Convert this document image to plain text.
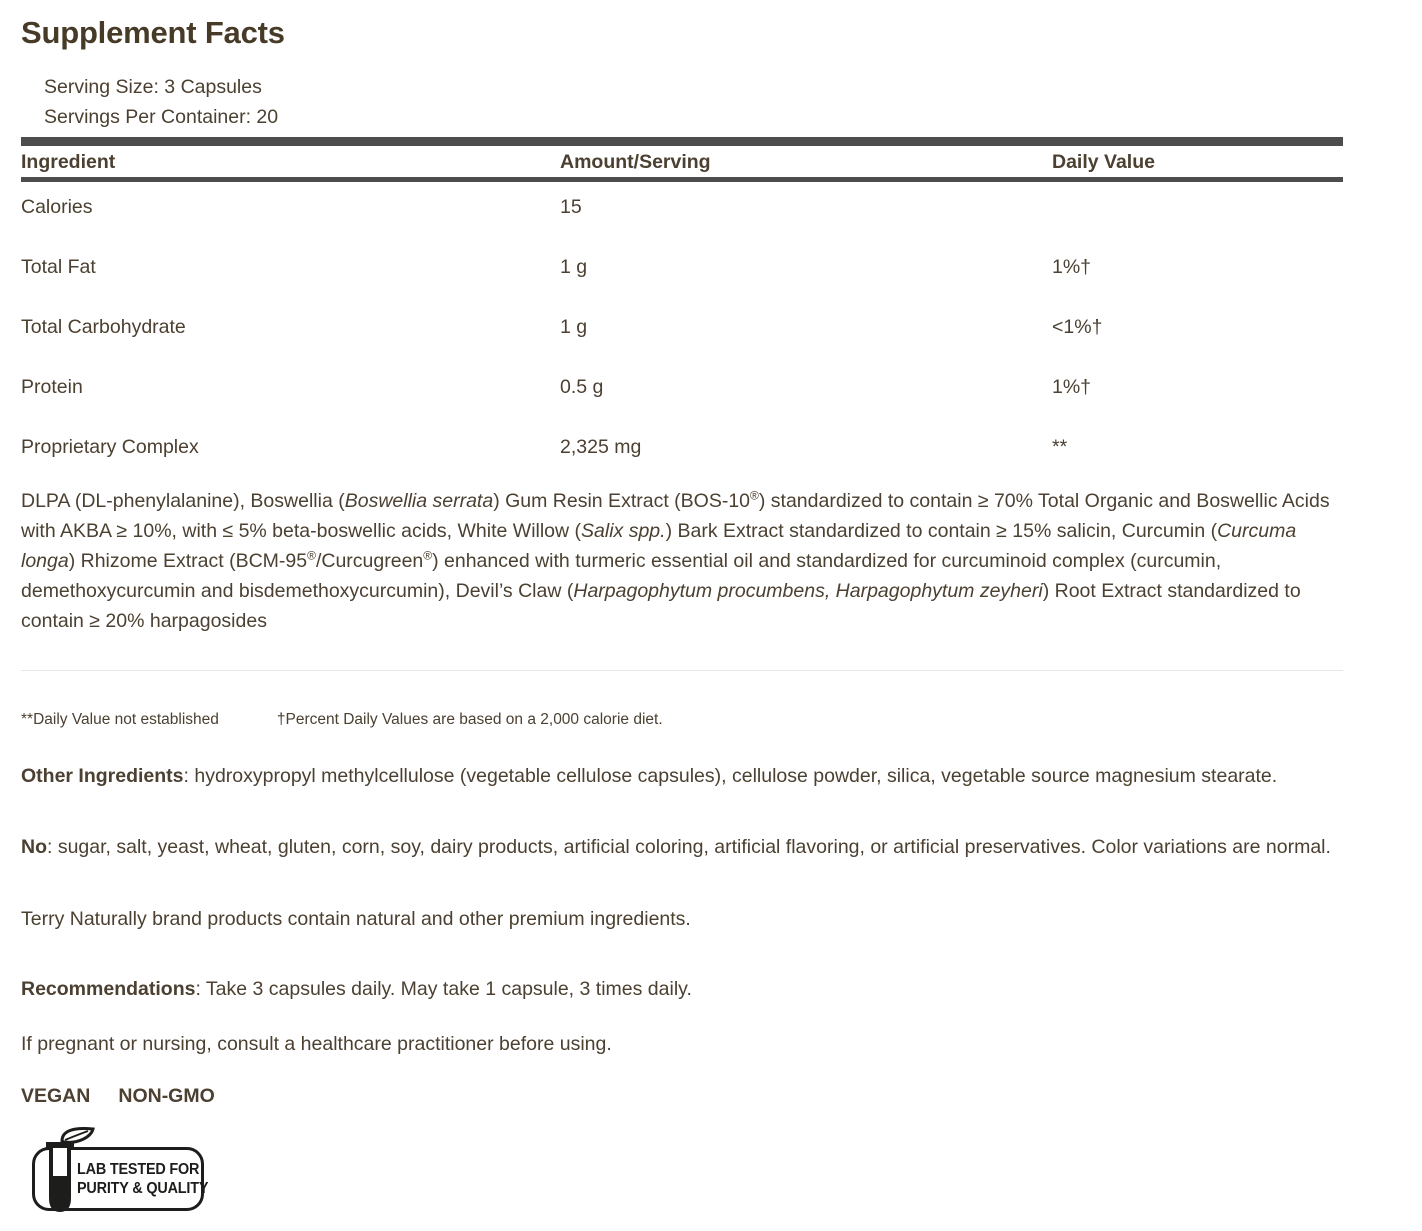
Supplement Facts
Serving Size: 3 Capsules
Servings Per Container: 20
Ingredient	Amount/Serving	Daily Value
Calories	15
Total Fat	1 g	1%†
Total Carbohydrate	1 g	<1%†
Protein	0.5 g	1%†
Proprietary Complex	2,325 mg	**

DLPA (DL-phenylalanine), Boswellia (Boswellia serrata) Gum Resin Extract (BOS-10®) standardized to contain ≥ 70% Total Organic and Boswellic Acids with AKBA ≥ 10%, with ≤ 5% beta-boswellic acids, White Willow (Salix spp.) Bark Extract standardized to contain ≥ 15% salicin, Curcumin (Curcuma longa) Rhizome Extract (BCM-95®/Curcugreen®) enhanced with turmeric essential oil and standardized for curcuminoid complex (curcumin, demethoxycurcumin and bisdemethoxycurcumin), Devil’s Claw (Harpagophytum procumbens, Harpagophytum zeyheri) Root Extract standardized to contain ≥ 20% harpagosides

**Daily Value not established	†Percent Daily Values are based on a 2,000 calorie diet.

Other Ingredients: hydroxypropyl methylcellulose (vegetable cellulose capsules), cellulose powder, silica, vegetable source magnesium stearate.

No: sugar, salt, yeast, wheat, gluten, corn, soy, dairy products, artificial coloring, artificial flavoring, or artificial preservatives. Color variations are normal.

Terry Naturally brand products contain natural and other premium ingredients.

Recommendations: Take 3 capsules daily. May take 1 capsule, 3 times daily.

If pregnant or nursing, consult a healthcare practitioner before using.

VEGAN NON-GMO
LAB TESTED FOR
PURITY & QUALITY
